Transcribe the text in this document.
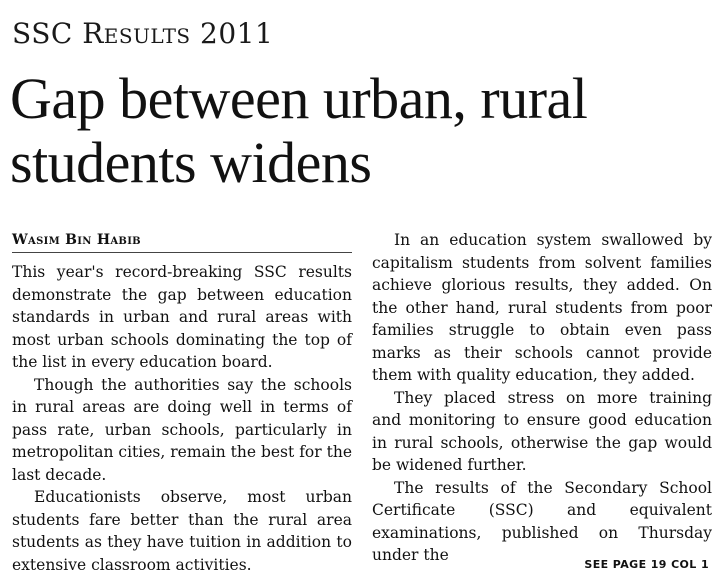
SSC Results 2011
Gap between urban, rural students widens
Wasim Bin Habib

This year's record-breaking SSC results demonstrate the gap between education standards in urban and rural areas with most urban schools dominating the top of the list in every education board.

Though the authorities say the schools in rural areas are doing well in terms of pass rate, urban schools, particularly in metropolitan cities, remain the best for the last decade.

Educationists observe, most urban students fare better than the rural area students as they have tuition in addition to extensive classroom activities.

In an education system swallowed by capitalism students from solvent families achieve glorious results, they added. On the other hand, rural students from poor families struggle to obtain even pass marks as their schools cannot provide them with quality education, they added.

They placed stress on more training and monitoring to ensure good education in rural schools, otherwise the gap would be widened further.

The results of the Secondary School Certificate (SSC) and equivalent examinations, published on Thursday under the

SEE PAGE 19 COL 1
